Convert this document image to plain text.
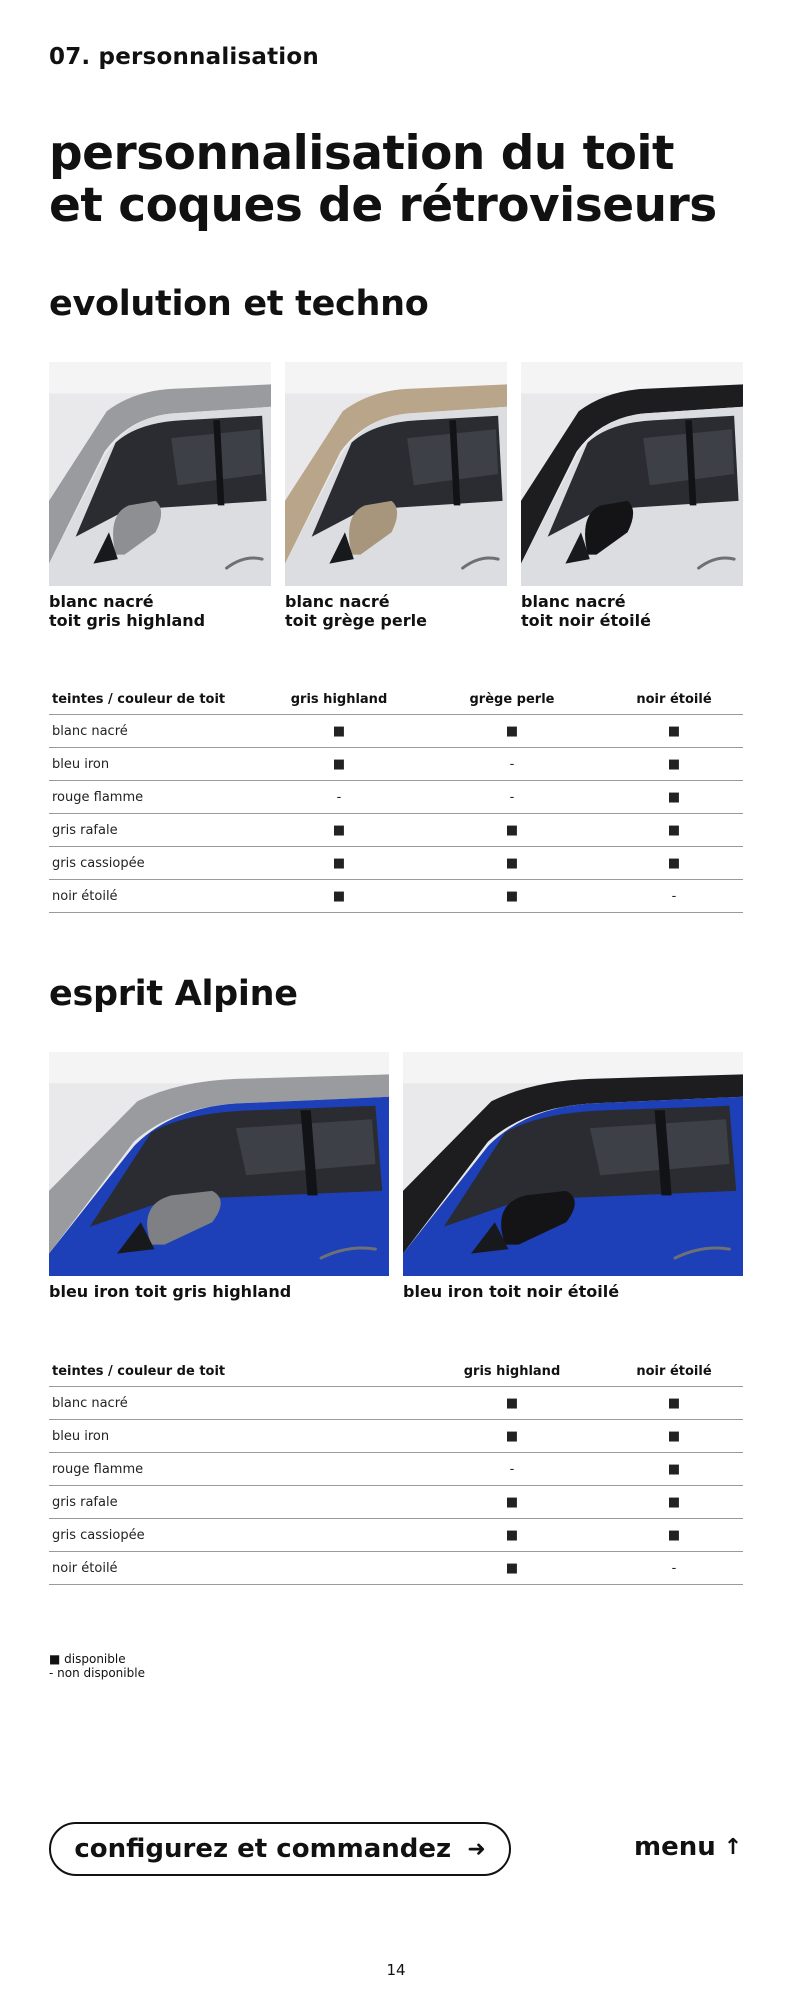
07. personnalisation
personnalisation du toit
et coques de rétroviseurs
evolution et techno
blanc nacré
toit gris highland
blanc nacré
toit grège perle
blanc nacré
toit noir étoilé
teintes / couleur de toit	gris highland	grège perle	noir étoilé
blanc nacré	■	■	■
bleu iron	■	-	■
rouge flamme	-	-	■
gris rafale	■	■	■
gris cassiopée	■	■	■
noir étoilé	■	■	-
esprit Alpine
bleu iron toit gris highland	bleu iron toit noir étoilé
teintes / couleur de toit	gris highland	noir étoilé
blanc nacré	■	■
bleu iron	■	■
rouge flamme	-	■
gris rafale	■	■
gris cassiopée	■	■
noir étoilé	■	-
■ disponible
- non disponible
configurez et commandez ➜	menu ↑
14
